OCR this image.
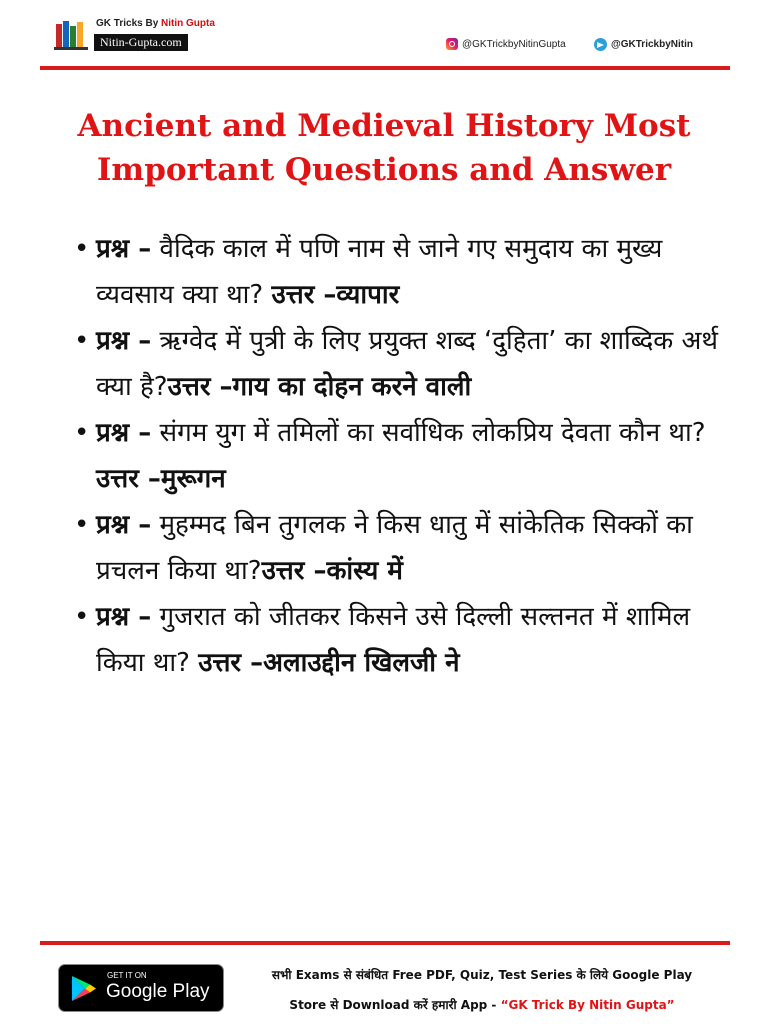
GK Tricks By Nitin Gupta
Nitin-Gupta.com	@GKTrickbyNitinGupta	@GKTrickbyNitin
Ancient and Medieval History Most
Important Questions and Answer
• प्रश्न – वैदिक काल में पणि नाम से जाने गए समुदाय का मुख्य व्यवसाय क्या था? उत्तर –व्यापार
• प्रश्न – ऋग्वेद में पुत्री के लिए प्रयुक्त शब्द ‘दुहिता’ का शाब्दिक अर्थ क्या है?उत्तर –गाय का दोहन करने वाली
• प्रश्न – संगम युग में तमिलों का सर्वाधिक लोकप्रिय देवता कौन था?उत्तर –मुरूगन
• प्रश्न – मुहम्मद बिन तुगलक ने किस धातु में सांकेतिक सिक्कों का प्रचलन किया था?उत्तर –कांस्य में
• प्रश्न – गुजरात को जीतकर किसने उसे दिल्ली सल्तनत में शामिल किया था? उत्तर –अलाउद्दीन खिलजी ने
GET IT ON
Google Play
सभी Exams से संबंधित Free PDF, Quiz, Test Series के लिये Google Play
Store से Download करें हमारी App - “GK Trick By Nitin Gupta”
